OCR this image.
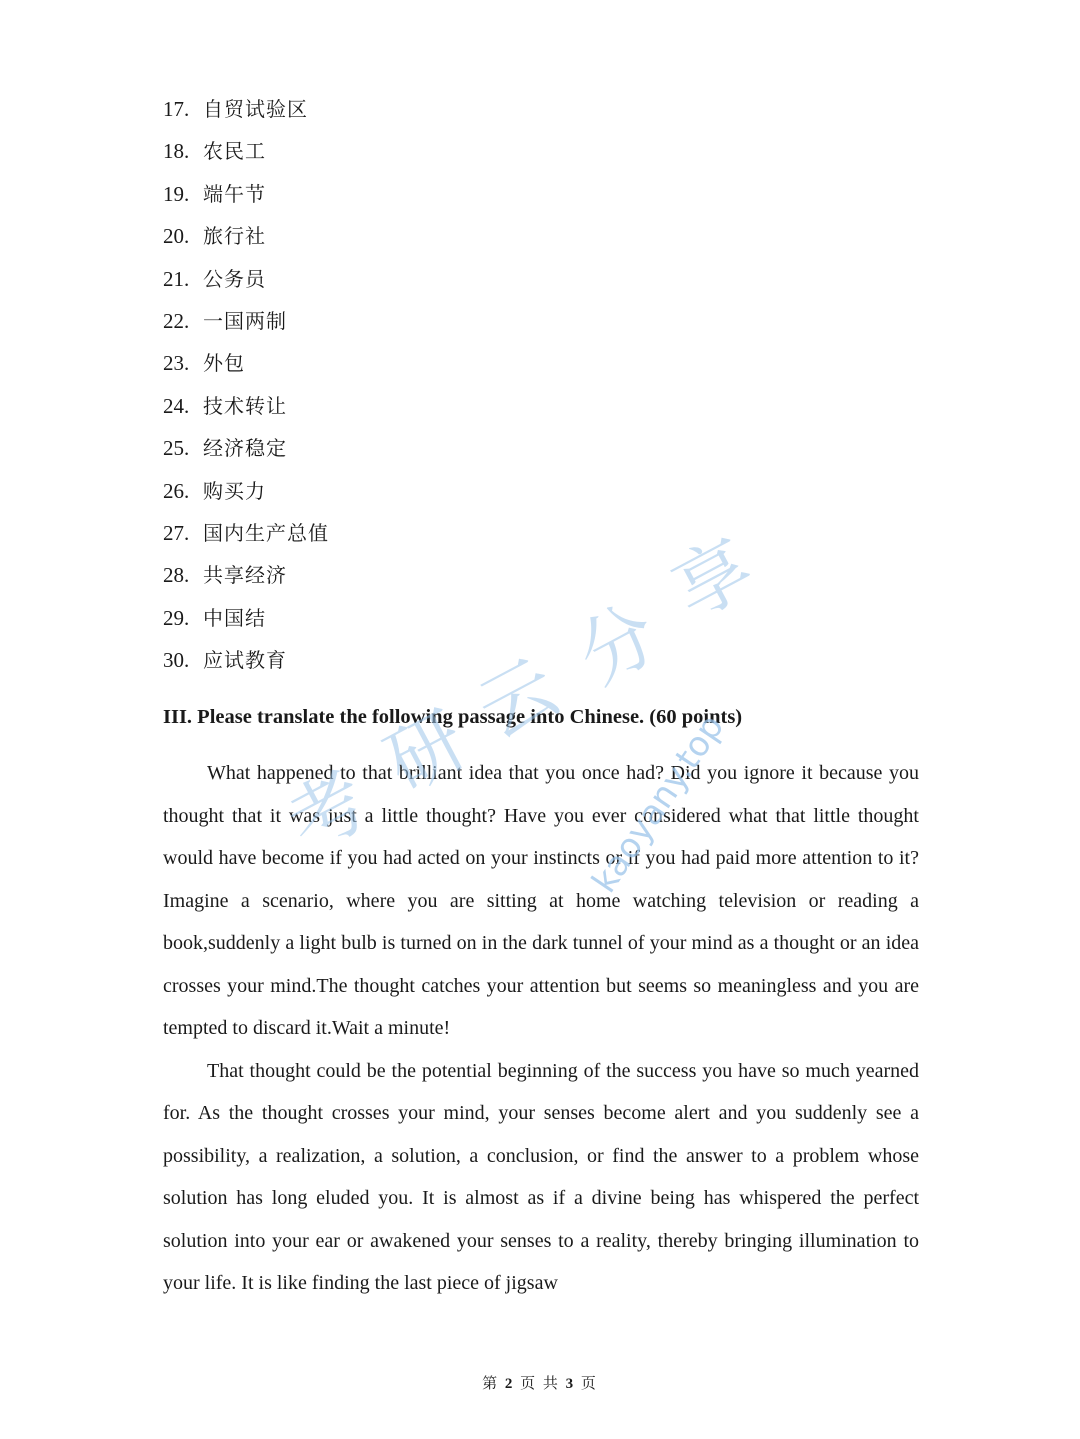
17. 自贸试验区
18. 农民工
19. 端午节
20. 旅行社
21. 公务员
22. 一国两制
23. 外包
24. 技术转让
25. 经济稳定
26. 购买力
27. 国内生产总值
28. 共享经济
29. 中国结
30. 应试教育
III. Please translate the following passage into Chinese. (60 points)

What happened to that brilliant idea that you once had? Did you ignore it because you thought that it was just a little thought? Have you ever considered what that little thought would have become if you had acted on your instincts or if you had paid more attention to it? Imagine a scenario, where you are sitting at home watching television or reading a book,suddenly a light bulb is turned on in the dark tunnel of your mind as a thought or an idea crosses your mind.The thought catches your attention but seems so meaningless and you are tempted to discard it.Wait a minute!

That thought could be the potential beginning of the success you have so much yearned for. As the thought crosses your mind, your senses become alert and you suddenly see a possibility, a realization, a solution, a conclusion, or find the answer to a problem whose solution has long eluded you. It is almost as if a divine being has whispered the perfect solution into your ear or awakened your senses to a reality, thereby bringing illumination to your life. It is like finding the last piece of jigsaw

第 2 页 共 3 页
考
研
云
分
享
kaoyany.top
